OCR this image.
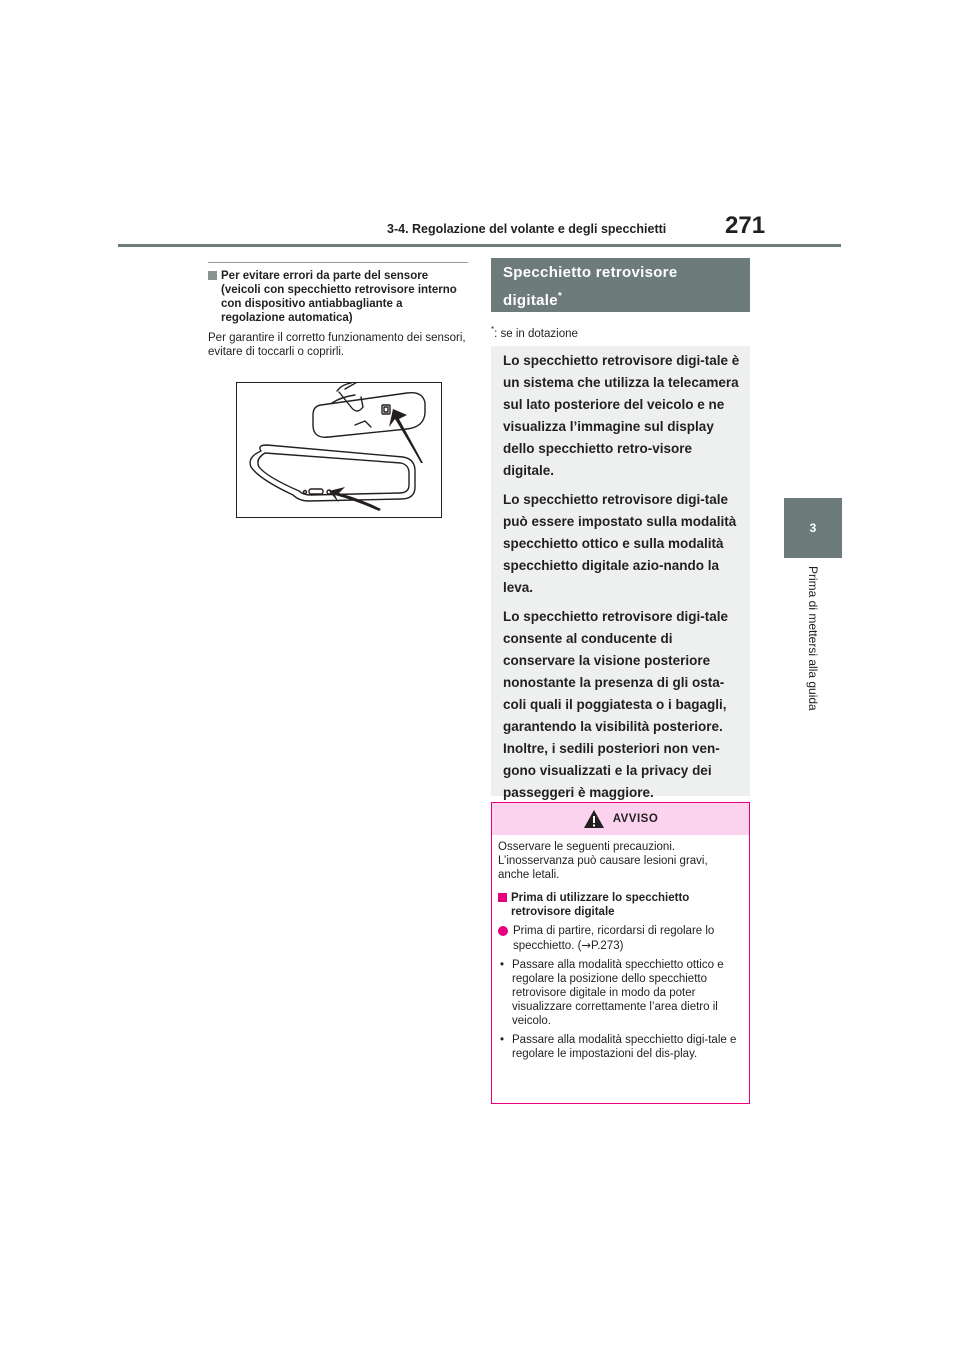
3-4. Regolazione del volante e degli specchietti	271
3
Prima di mettersi alla guida
Per evitare errori da parte del sensore (veicoli con specchietto retrovisore interno con dispositivo antiabbagliante a regolazione automatica)
Per garantire il corretto funzionamento dei sensori, evitare di toccarli o coprirli.
Specchietto retrovisore digitale*
*: se in dotazione

Lo specchietto retrovisore digi-tale è un sistema che utilizza la telecamera sul lato posteriore del veicolo e ne visualizza l’immagine sul display dello specchietto retro-visore digitale.

Lo specchietto retrovisore digi-tale può essere impostato sulla modalità specchietto ottico e sulla modalità specchietto digitale azio-nando la leva.

Lo specchietto retrovisore digi-tale consente al conducente di conservare la visione posteriore nonostante la presenza di gli osta-coli quali il poggiatesta o i bagagli, garantendo la visibilità posteriore. Inoltre, i sedili posteriori non ven-gono visualizzati e la privacy dei passeggeri è maggiore.

AVVISO

Osservare le seguenti precauzioni. L’inosservanza può causare lesioni gravi, anche letali.

Prima di utilizzare lo specchietto retrovisore digitale
Prima di partire, ricordarsi di regolare lo specchietto. (→P.273)
• Passare alla modalità specchietto ottico e regolare la posizione dello specchietto retrovisore digitale in modo da poter visualizzare correttamente l’area dietro il veicolo.
• Passare alla modalità specchietto digi-tale e regolare le impostazioni del dis-play.
